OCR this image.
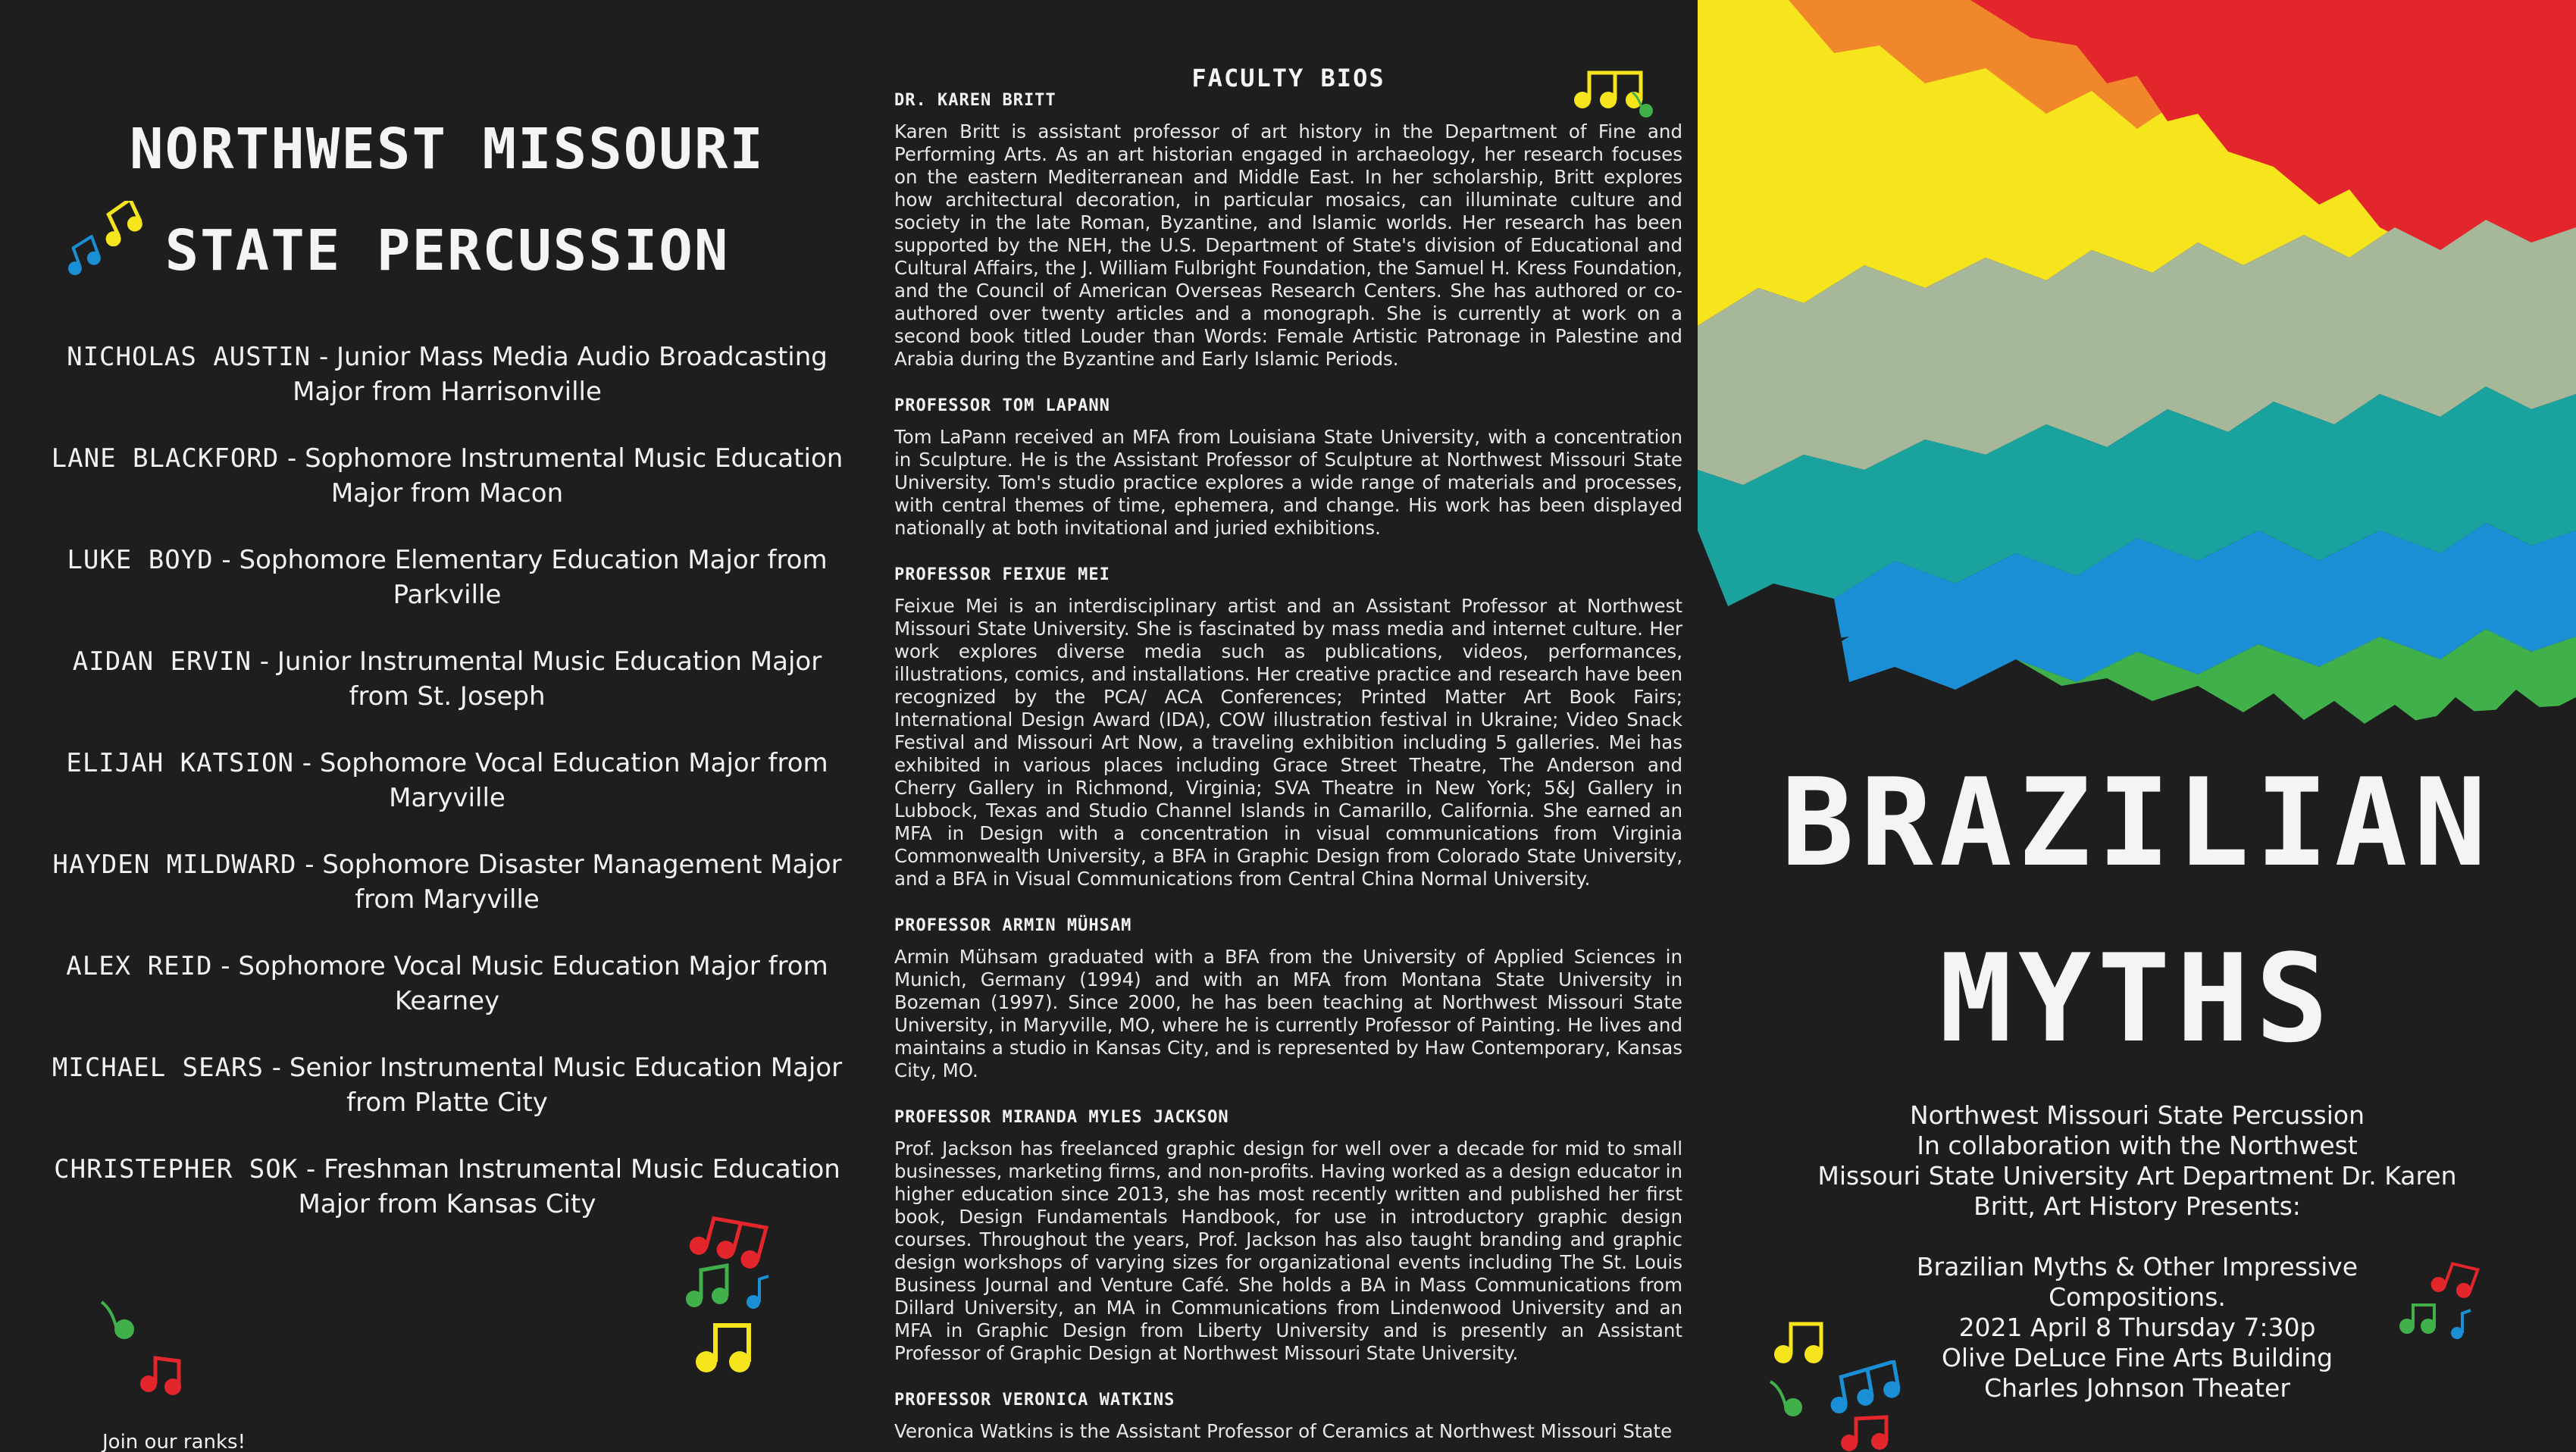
NORTHWEST MISSOURI
STATE PERCUSSION
NICHOLAS AUSTIN - Junior Mass Media Audio Broadcasting Major from Harrisonville
LANE BLACKFORD - Sophomore Instrumental Music Education Major from Macon
LUKE BOYD - Sophomore Elementary Education Major from Parkville
AIDAN ERVIN - Junior Instrumental Music Education Major from St. Joseph
ELIJAH KATSION - Sophomore Vocal Education Major from Maryville
HAYDEN MILDWARD - Sophomore Disaster Management Major from Maryville
ALEX REID - Sophomore Vocal Music Education Major from Kearney
MICHAEL SEARS - Senior Instrumental Music Education Major from Platte City
CHRISTEPHER SOK - Freshman Instrumental Music Education Major from Kansas City
Join our ranks!
FACULTY BIOS
DR. KAREN BRITT
Karen Britt is assistant professor of art history in the Department of Fine and Performing Arts. As an art historian engaged in archaeology, her research focuses on the eastern Mediterranean and Middle East. In her scholarship, Britt explores how architectural decoration, in particular mosaics, can illuminate culture and society in the late Roman, Byzantine, and Islamic worlds. Her research has been supported by the NEH, the U.S. Department of State's division of Educational and Cultural Affairs, the J. William Fulbright Foundation, the Samuel H. Kress Foundation, and the Council of American Overseas Research Centers. She has authored or co-authored over twenty articles and a monograph. She is currently at work on a second book titled Louder than Words: Female Artistic Patronage in Palestine and Arabia during the Byzantine and Early Islamic Periods.
PROFESSOR TOM LAPANN
Tom LaPann received an MFA from Louisiana State University, with a concentration in Sculpture. He is the Assistant Professor of Sculpture at Northwest Missouri State University. Tom's studio practice explores a wide range of materials and processes, with central themes of time, ephemera, and change. His work has been displayed nationally at both invitational and juried exhibitions.
PROFESSOR FEIXUE MEI
Feixue Mei is an interdisciplinary artist and an Assistant Professor at Northwest Missouri State University. She is fascinated by mass media and internet culture. Her work explores diverse media such as publications, videos, performances, illustrations, comics, and installations. Her creative practice and research have been recognized by the PCA/ ACA Conferences; Printed Matter Art Book Fairs; International Design Award (IDA), COW illustration festival in Ukraine; Video Snack Festival and Missouri Art Now, a traveling exhibition including 5 galleries. Mei has exhibited in various places including Grace Street Theatre, The Anderson and Cherry Gallery in Richmond, Virginia; SVA Theatre in New York; 5&J Gallery in Lubbock, Texas and Studio Channel Islands in Camarillo, California. She earned an MFA in Design with a concentration in visual communications from Virginia Commonwealth University, a BFA in Graphic Design from Colorado State University, and a BFA in Visual Communications from Central China Normal University.
PROFESSOR ARMIN MÜHSAM
Armin Mühsam graduated with a BFA from the University of Applied Sciences in Munich, Germany (1994) and with an MFA from Montana State University in Bozeman (1997). Since 2000, he has been teaching at Northwest Missouri State University, in Maryville, MO, where he is currently Professor of Painting. He lives and maintains a studio in Kansas City, and is represented by Haw Contemporary, Kansas City, MO.
PROFESSOR MIRANDA MYLES JACKSON
Prof. Jackson has freelanced graphic design for well over a decade for mid to small businesses, marketing firms, and non-profits. Having worked as a design educator in higher education since 2013, she has most recently written and published her first book, Design Fundamentals Handbook, for use in introductory graphic design courses. Throughout the years, Prof. Jackson has also taught branding and graphic design workshops of varying sizes for organizational events including The St. Louis Business Journal and Venture Café. She holds a BA in Mass Communications from Dillard University, an MA in Communications from Lindenwood University and an MFA in Graphic Design from Liberty University and is presently an Assistant Professor of Graphic Design at Northwest Missouri State University.
PROFESSOR VERONICA WATKINS
Veronica Watkins is the Assistant Professor of Ceramics at Northwest Missouri State
BRAZILIAN
MYTHS
Northwest Missouri State Percussion
In collaboration with the Northwest
Missouri State University Art Department Dr. Karen
Britt, Art History Presents:
Brazilian Myths & Other Impressive
Compositions.
2021 April 8 Thursday 7:30p
Olive DeLuce Fine Arts Building
Charles Johnson Theater
